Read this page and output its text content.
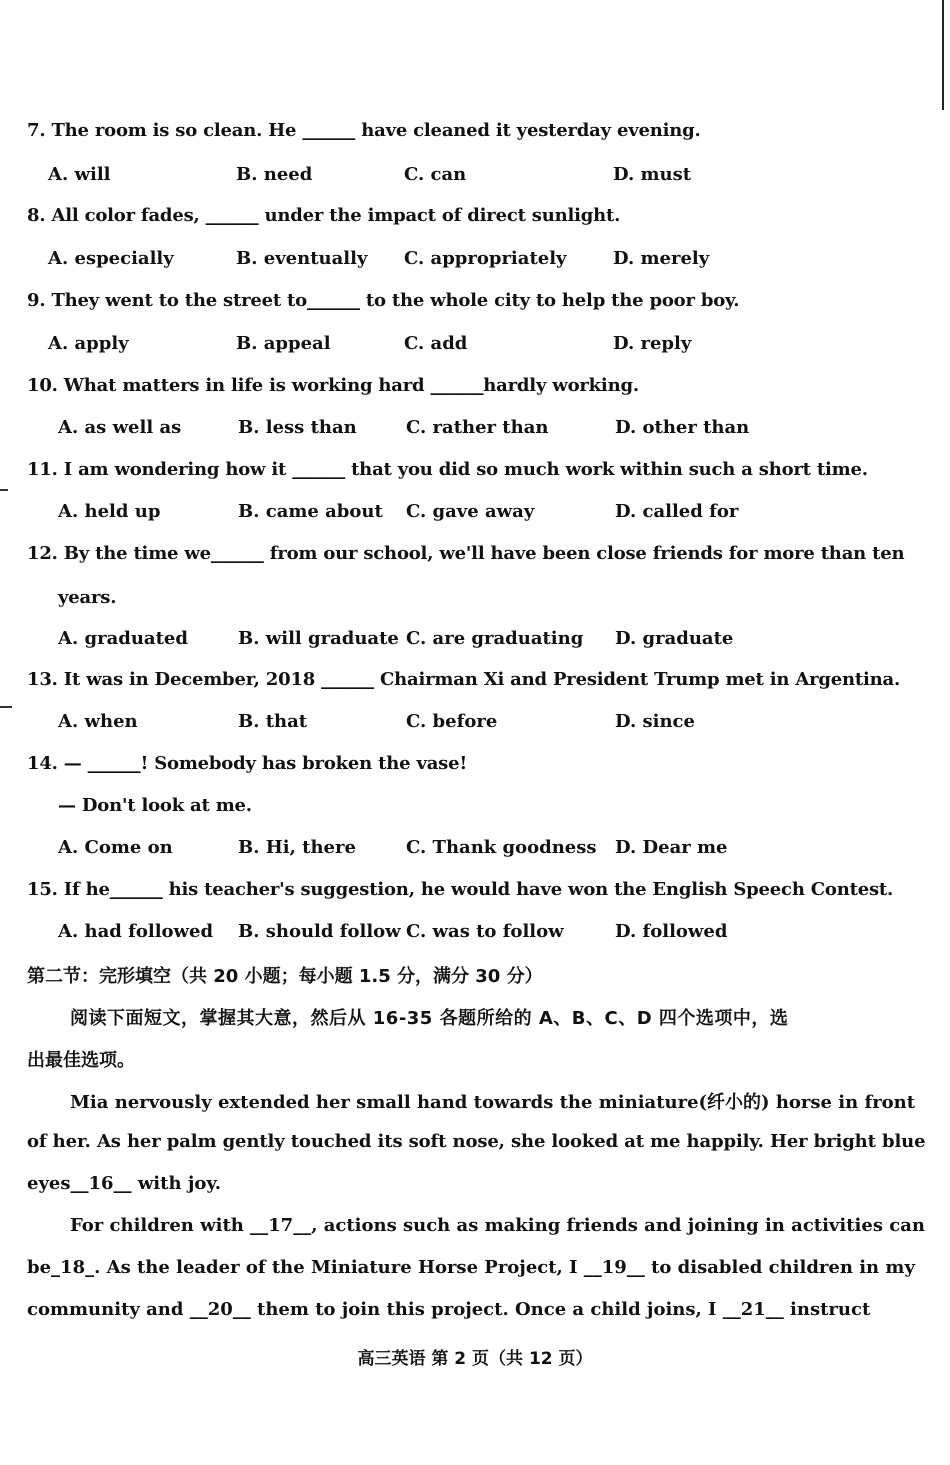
7. The room is so clean. He ______ have cleaned it yesterday evening.
A. will	B. need	C. can	D. must
8. All color fades, ______ under the impact of direct sunlight.
A. especially	B. eventually C. appropriately	D. merely
9. They went to the street to______ to the whole city to help the poor boy.
A. apply	B. appeal	C. add	D. reply
10. What matters in life is working hard ______hardly working.
A. as well as	B. less than	C. rather than	D. other than
11. I am wondering how it ______ that you did so much work within such a short time.
A. held up	B. came about C. gave away	D. called for
12. By the time we______ from our school, we'll have been close friends for more than ten
years.
A. graduated	B. will graduate C. are graduating D. graduate
13. It was in December, 2018 ______ Chairman Xi and President Trump met in Argentina.
A. when	B. that	C. before	D. since
14. — ______! Somebody has broken the vase!
— Don't look at me.
A. Come on	B. Hi, there	C. Thank goodness D. Dear me
15. If he______ his teacher's suggestion, he would have won the English Speech Contest.
A. had followed B. should follow C. was to follow	D. followed
第二节：完形填空（共 20 小题；每小题 1.5 分，满分 30 分）
阅读下面短文，掌握其大意，然后从 16-35 各题所给的 A、B、C、D 四个选项中，选
出最佳选项。
Mia nervously extended her small hand towards the miniature(纤小的) horse in front
of her. As her palm gently touched its soft nose, she looked at me happily. Her bright blue
eyes__16__ with joy.
For children with __17__, actions such as making friends and joining in activities can
be_18_. As the leader of the Miniature Horse Project, I __19__ to disabled children in my
community and __20__ them to join this project. Once a child joins, I __21__ instruct
高三英语 第 2 页（共 12 页）
